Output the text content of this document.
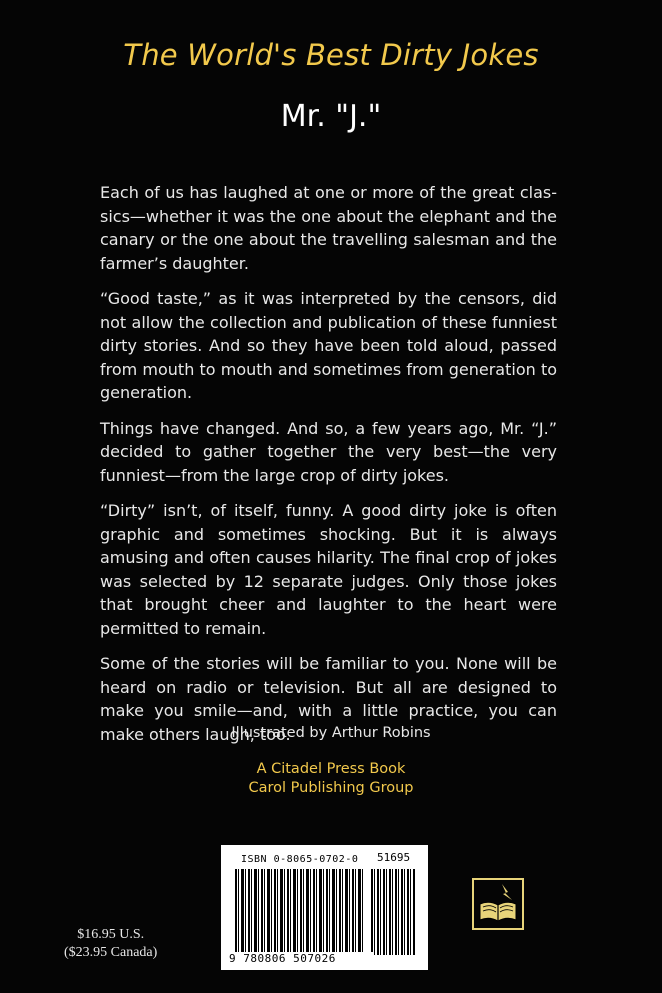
The World's Best Dirty Jokes
Mr. "J."

Each of us has laughed at one or more of the great classics—whether it was the one about the elephant and the canary or the one about the travelling salesman and the farmer’s daughter.

“Good taste,” as it was interpreted by the censors, did not allow the collection and publication of these funniest dirty stories. And so they have been told aloud, passed from mouth to mouth and sometimes from generation to generation.

Things have changed. And so, a few years ago, Mr. “J.” decided to gather together the very best—the very funniest—from the large crop of dirty jokes.

“Dirty” isn’t, of itself, funny. A good dirty joke is often graphic and sometimes shocking. But it is always amusing and often causes hilarity. The final crop of jokes was selected by 12 separate judges. Only those jokes that brought cheer and laughter to the heart were permitted to remain.

Some of the stories will be familiar to you. None will be heard on radio or television. But all are designed to make you smile—and, with a little practice, you can make others laugh, too.

Illustrated by Arthur Robins
A Citadel Press Book
Carol Publishing Group
$16.95 U.S.
($23.95 Canada)
ISBN 0-8065-0702-0 51695
9 780806 507026
